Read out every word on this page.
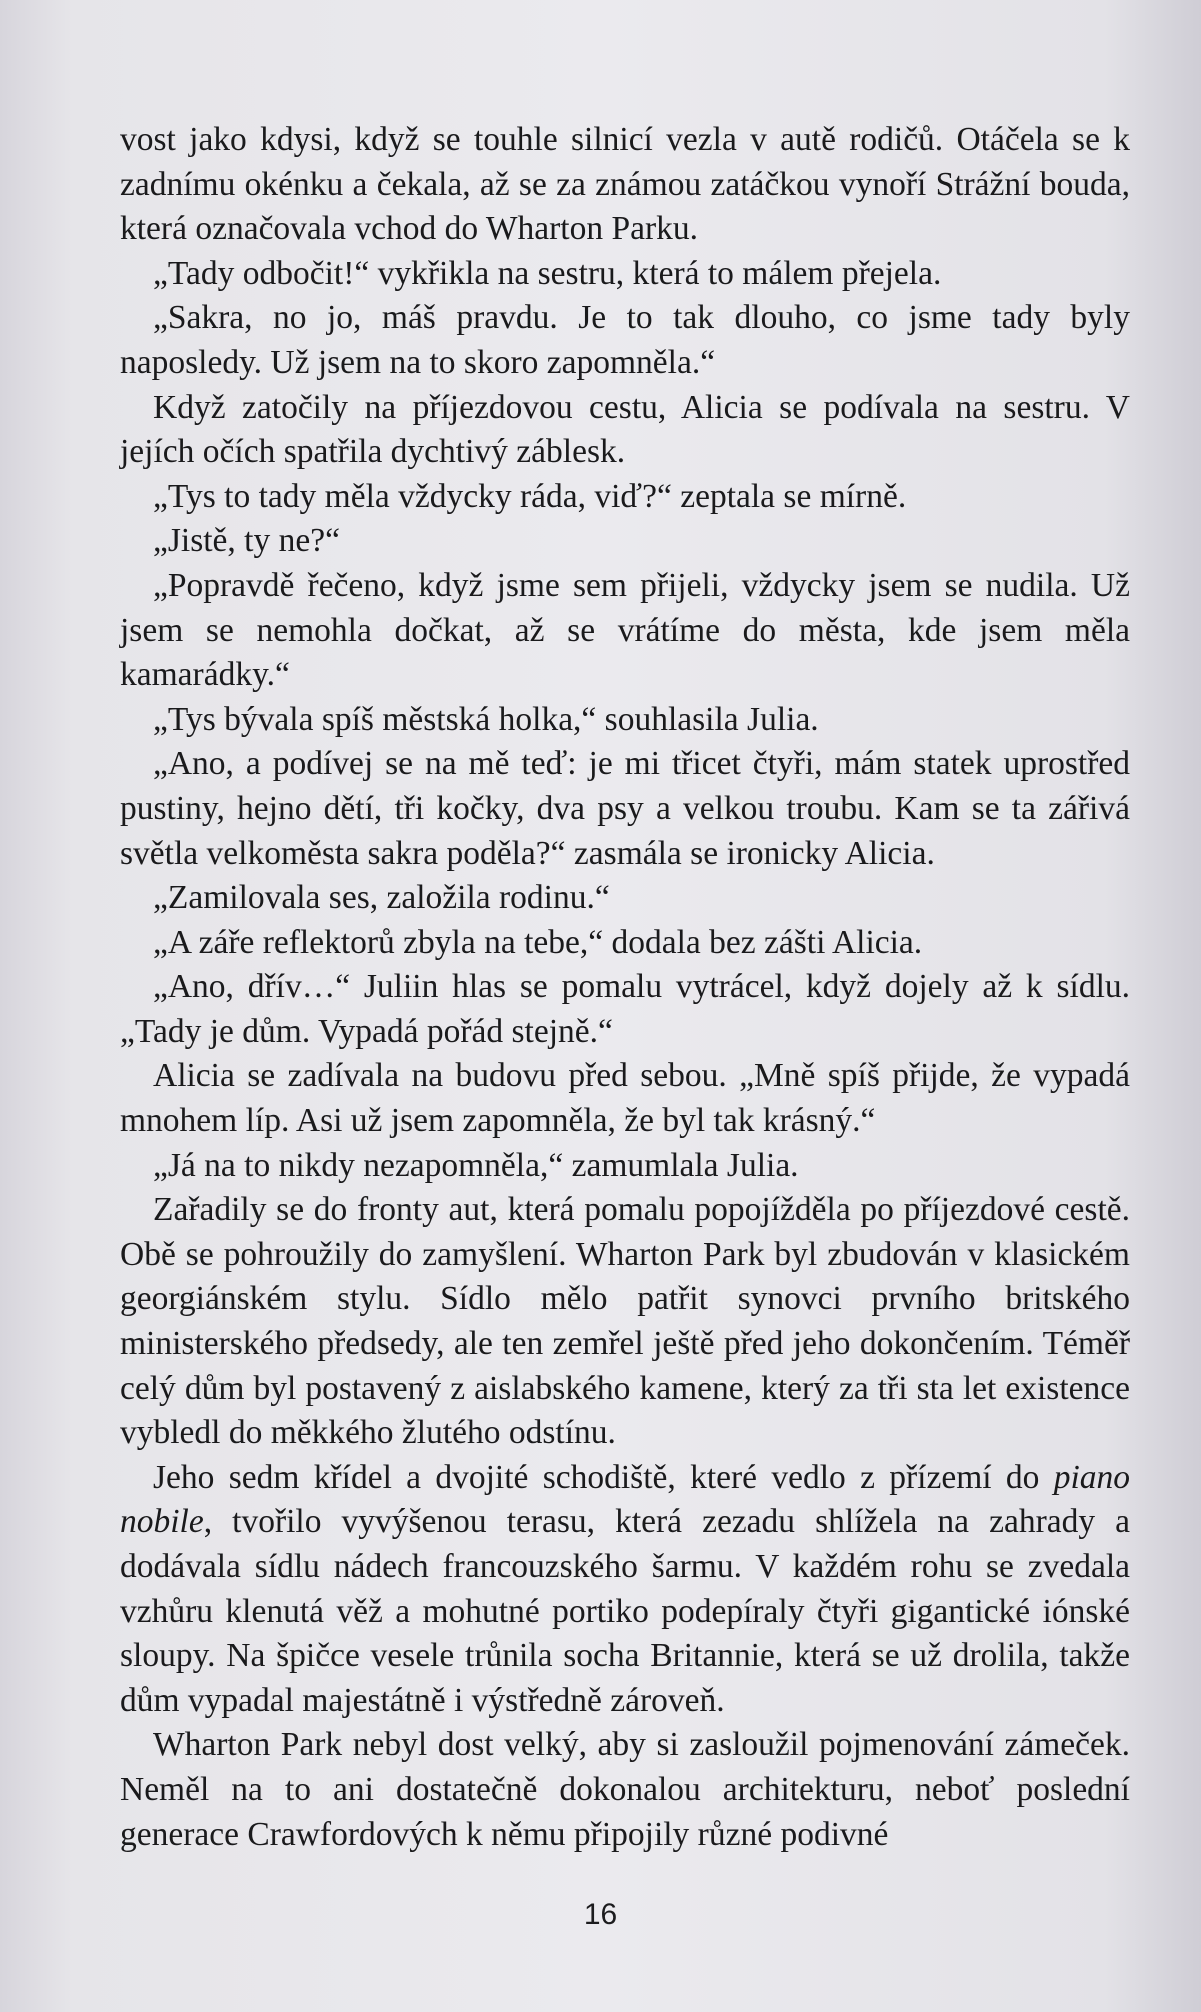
vost jako kdysi, když se touhle silnicí vezla v autě rodičů. Otáčela se k zadnímu okénku a čekala, až se za známou zatáčkou vynoří Strážní bouda, která označovala vchod do Wharton Parku.

„Tady odbočit!“ vykřikla na sestru, která to málem přejela.

„Sakra, no jo, máš pravdu. Je to tak dlouho, co jsme tady byly naposledy. Už jsem na to skoro zapomněla.“

Když zatočily na příjezdovou cestu, Alicia se podívala na sestru. V jejích očích spatřila dychtivý záblesk.

„Tys to tady měla vždycky ráda, viď?“ zeptala se mírně.

„Jistě, ty ne?“

„Popravdě řečeno, když jsme sem přijeli, vždycky jsem se nudila. Už jsem se nemohla dočkat, až se vrátíme do města, kde jsem měla kamarádky.“

„Tys bývala spíš městská holka,“ souhlasila Julia.

„Ano, a podívej se na mě teď: je mi třicet čtyři, mám statek uprostřed pustiny, hejno dětí, tři kočky, dva psy a velkou troubu. Kam se ta zářivá světla velkoměsta sakra poděla?“ zasmála se ironicky Alicia.

„Zamilovala ses, založila rodinu.“

„A záře reflektorů zbyla na tebe,“ dodala bez zášti Alicia.

„Ano, dřív…“ Juliin hlas se pomalu vytrácel, když dojely až k sídlu. „Tady je dům. Vypadá pořád stejně.“

Alicia se zadívala na budovu před sebou. „Mně spíš přijde, že vypadá mnohem líp. Asi už jsem zapomněla, že byl tak krásný.“

„Já na to nikdy nezapomněla,“ zamumlala Julia.

Zařadily se do fronty aut, která pomalu popojížděla po příjezdové cestě. Obě se pohroužily do zamyšlení. Wharton Park byl zbudován v klasickém georgiánském stylu. Sídlo mělo patřit synovci prvního britského ministerského předsedy, ale ten zemřel ještě před jeho dokončením. Téměř celý dům byl postavený z aislabského kamene, který za tři sta let existence vybledl do měkkého žlutého odstínu.

Jeho sedm křídel a dvojité schodiště, které vedlo z přízemí do piano nobile, tvořilo vyvýšenou terasu, která zezadu shlížela na zahrady a dodávala sídlu nádech francouzského šarmu. V každém rohu se zvedala vzhůru klenutá věž a mohutné portiko podepíraly čtyři gigantické iónské sloupy. Na špičce vesele trůnila socha Britannie, která se už drolila, takže dům vypadal majestátně i výstředně zároveň.

Wharton Park nebyl dost velký, aby si zasloužil pojmenování zámeček. Neměl na to ani dostatečně dokonalou architekturu, neboť poslední generace Crawfordových k němu připojily různé podivné

16
